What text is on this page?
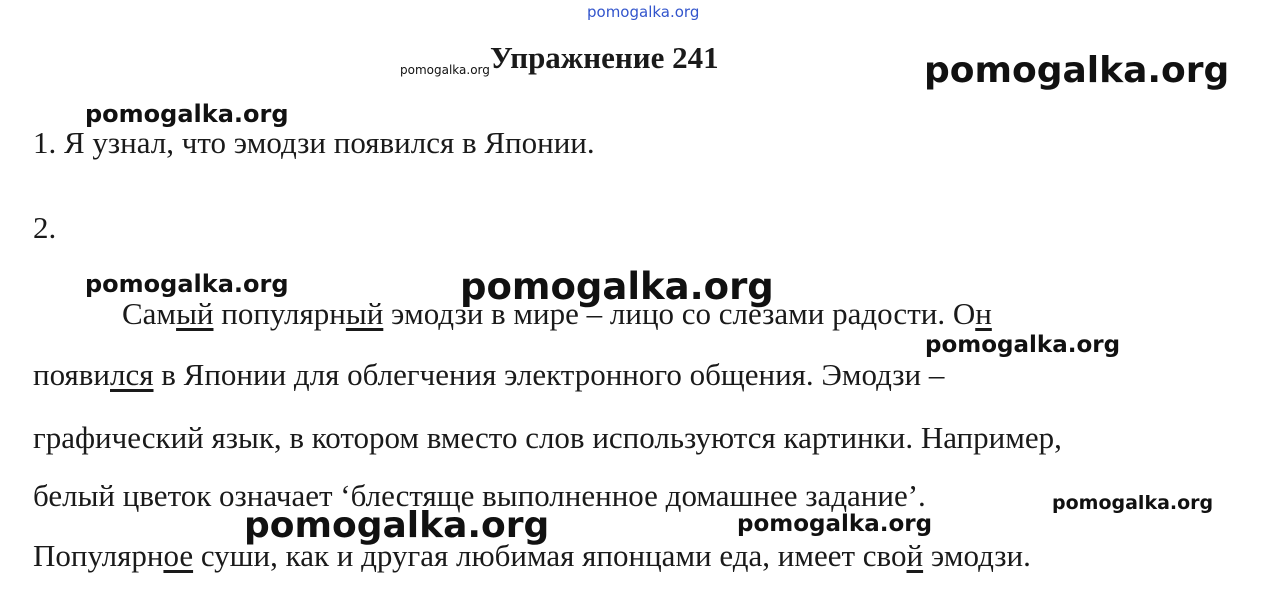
pomogalka.org
pomogalka.org Упражнение 241	pomogalka.org
pomogalka.org
1. Я узнал, что эмодзи появился в Японии.
2.
pomogalka.org
Самый популярный эмодзи в мире – лицо со слезами радости. Он
появился в Японии для облегчения электронного общения. Эмодзи –
графический язык, в котором вместо слов используются картинки. Например,
белый цветок означает ‘блестяще выполненное домашнее задание’.
Популярное суши, как и другая любимая японцами еда, имеет свой эмодзи.
pomogalka.org
pomogalka.org
pomogalka.org
pomogalka.org	pomogalka.org
